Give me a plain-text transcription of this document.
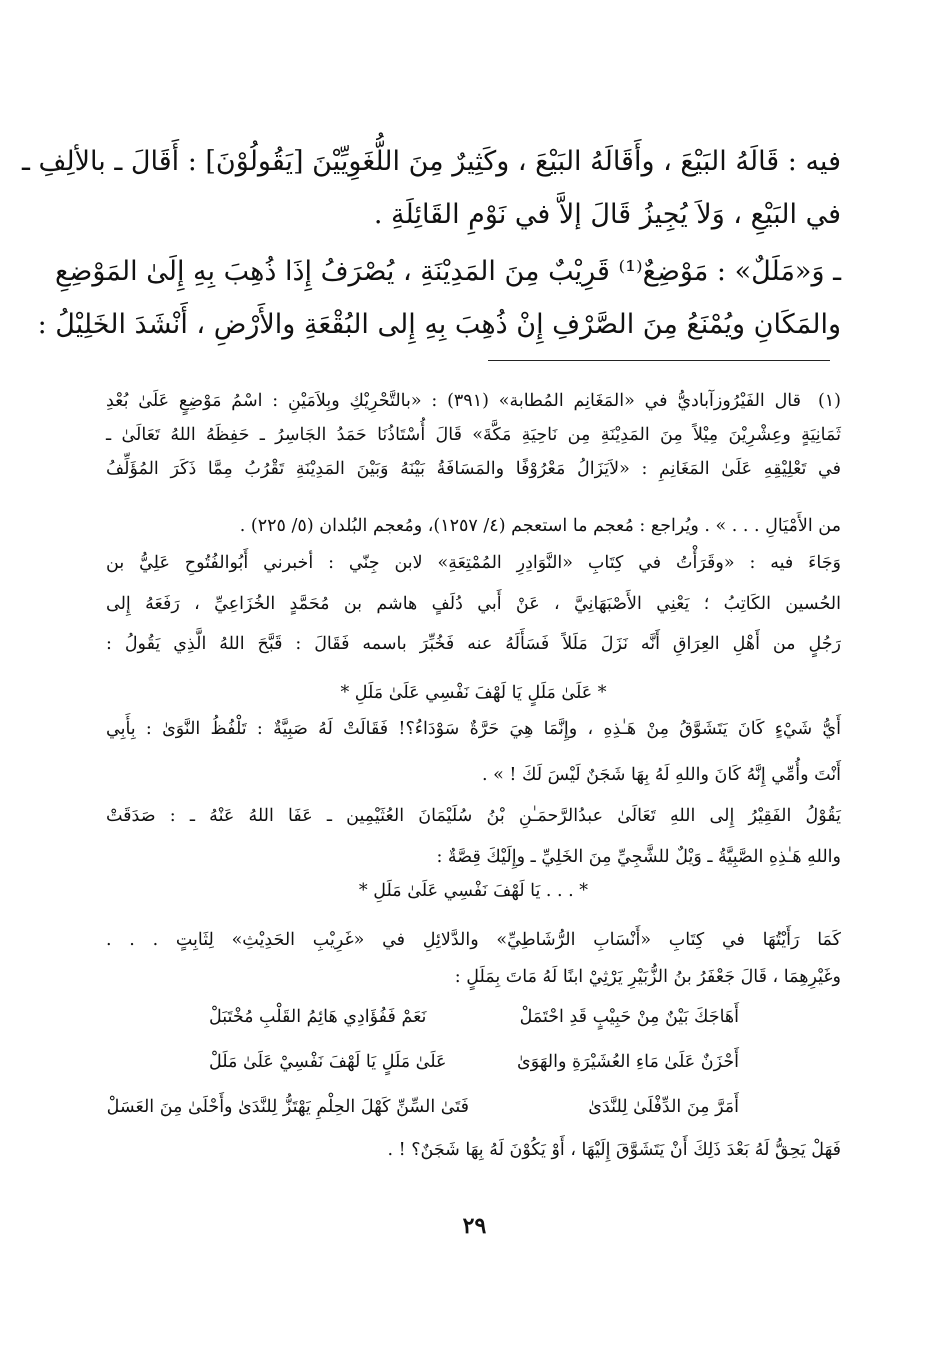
فيه : قَالَهُ البَيْعَ ، وأَقَالَهُ البَيْعَ ، وكَثِيرٌ مِنَ اللُّغَوِيِّيْنَ [يَقُولُوْنَ] : أَقَالَ ـ بالألِفِ ـ
في البَيْعِ ، وَلاَ يُجِيزُ قَالَ إلاَّ في نَوْمِ القَائِلَةِ .
ـ وَ«مَلَلٌ» : مَوْضِعٌ⁽¹⁾ قَرِيْبٌ مِنَ المَدِيْنَةِ ، يُصْرَفُ إِذَا ذُهِبَ بِهِ إِلَىٰ المَوْضِعِ
والمَكَانِ ويُمْنَعُ مِنَ الصَّرْفِ إِنْ ذُهِبَ بِهِ إِلى البُقْعَةِ والأَرْضِ ، أَنْشَدَ الخَلِيْلُ :
(١)
قال الفَيْرُوزآباديُّ في «المَغَانِم المُطابة» (٣٩١) : «بالتَّحْرِيْكِ وبِلاَمَيْنِ : اسْمُ مَوْضِعٍ عَلَىٰ بُعْدِ
ثَمَانِيَةٍ وعِشْرِيْنَ مِيْلاً مِنَ المَدِيْنَةِ مِن نَاحِيَةِ مَكَّةَ» قَالَ أُسْتَاذُنَا حَمَدُ الجَاسِرُ ـ حَفِظَهُ اللهُ تَعَالَىٰ ـ
في تَعْلِيْقِهِ عَلَىٰ المَغَانِمِ : «لاَيَزَالُ مَعْرُوْفًا والمَسَافَةُ بَيْنَهُ وَبَيْنَ المَدِيْنَةِ تَقْرُبُ مِمَّا ذَكَرَ المُؤَلِّفُ
من الأَمْيَالِ . . . » . ويُراجع : مُعجم ما استعجم (٤/ ١٢٥٧)، ومُعجم البُلدان (٥/ ٢٢٥) .
وَجَاءَ فيه : «وقَرَأْتُ في كِتَابِ «النَّوَادِرِ المُمْتِعَةِ» لابن جِنّي : أخبرني أَبُوالفُتُوحِ عَلِيُّ بن
الحُسين الكَاتِبُ ؛ يَعْنِي الأَصْبَهَانِيَّ ، عَنْ أَبي دُلَفٍ هاشم بن مُحَمَّدٍ الخُزَاعِيِّ ، رَفَعَهُ إِلى
رَجُلٍ من أَهْلِ العِرَاقِ أَنَّه نَزَلَ مَلَلاً فَسَأَلَهُ عنه فَخُبِّرَ باسمه فَقَالَ : قَبَّحَ اللهُ الَّذِي يَقُولُ :
* عَلَىٰ مَلَلٍ يَا لَهْفَ نَفْسِي عَلَىٰ مَلَلِ *
أَيُّ شَيْءٍ كَانَ يَتَشَوَّقُ مِنْ هَـٰذِهِ ، وإِنَّمَا هِيَ حَرَّةٌ سَوْدَاءُ؟! فَقَالَتْ لَهُ صَبِيَّةٌ : تَلْفُظُ النَّوَىٰ : بِأَبِي
أَنْتَ وأُمِّي إِنَّهُ كَانَ واللهِ لَهُ بِهَا شَجَنٌ لَيْسَ لَكَ ! » .
يَقُوْلُ الفَقِيْرُ إِلى اللهِ تَعَالَىٰ عبدُالرَّحمَـٰنِ بْنُ سُلَيْمَانَ العُثَيْمِين ـ عَفَا اللهُ عَنْهُ ـ : صَدَقَتْ
واللهِ هَـٰذِهِ الصَّبِيَّةُ ـ وَيْلٌ للشَّجِيِّ مِنَ الخَلِيِّ ـ وإِلَيْكَ قِصَّةٌ :
* . . . يَا لَهْفَ نَفْسِي عَلَىٰ مَلَلِ *
كَمَا رَأَيْتُهَا في كِتَابِ «أَنْسَابِ الرُّشَاطِيِّ» والدَّلائِلِ في «غَرِيْبِ الحَدِيْثِ» لِثَابِتٍ . . .
وغَيْرِهِمَا ، قَالَ جَعْفَرُ بنُ الزُّبَيْرِ يَرْثِيْ ابنًا لَهُ مَاتَ بِمَلَلٍ :
أَهَاجَكَ بَيْنٌ مِنْ حَبِيْبٍ قَدِ احْتَمَلْ
نَعَمْ فَفُؤَادِي هَائِمُ القَلْبِ مُخْتَبَلْ
أَحْزَنٌ عَلَىٰ مَاءِ العُشَيْرَةِ والهَوَىٰ
عَلَىٰ مَلَلٍ يَا لَهْفَ نَفْسِيْ عَلَىٰ مَلَلْ
أَمَرَّ مِنَ الدِّفْلَىٰ لِلنَّدَىٰ
فَتَىٰ السِّنِّ كَهْلَ الحِلْمِ يَهْتَزُّ لِلنَّدَىٰ وأَحْلَىٰ مِنَ العَسَلْ
فَهَلْ يَحِقُّ لَهُ بَعْدَ ذَلِكَ أَنْ يَتَشَوَّقَ إِلَيْهَا ، أَوْ يَكُوْنَ لَهُ بِهَا شَجَنٌ؟ ! .
٢٩
